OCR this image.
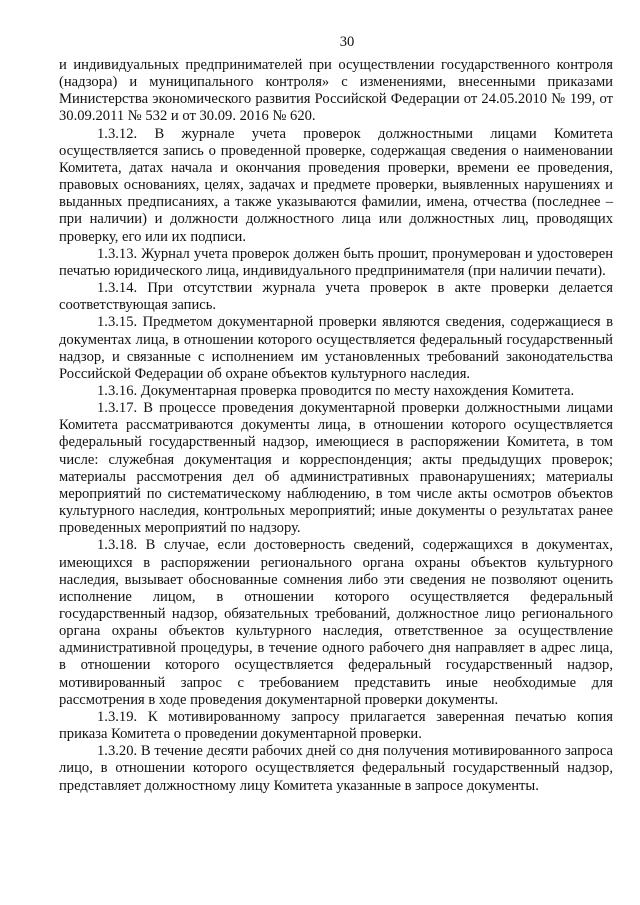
30

и индивидуальных предпринимателей при осуществлении государственного контроля (надзора) и муниципального контроля» с изменениями, внесенными приказами Министерства экономического развития Российской Федерации от 24.05.2010 № 199, от 30.09.2011 № 532 и от 30.09. 2016 № 620.

1.3.12. В журнале учета проверок должностными лицами Комитета осуществляется запись о проведенной проверке, содержащая сведения о наименовании Комитета, датах начала и окончания проведения проверки, времени ее проведения, правовых основаниях, целях, задачах и предмете проверки, выявленных нарушениях и выданных предписаниях, а также указываются фамилии, имена, отчества (последнее – при наличии) и должности должностного лица или должностных лиц, проводящих проверку, его или их подписи.

1.3.13. Журнал учета проверок должен быть прошит, пронумерован и удостоверен печатью юридического лица, индивидуального предпринимателя (при наличии печати).

1.3.14. При отсутствии журнала учета проверок в акте проверки делается соответствующая запись.

1.3.15. Предметом документарной проверки являются сведения, содержащиеся в документах лица, в отношении которого осуществляется федеральный государственный надзор, и связанные с исполнением им установленных требований законодательства Российской Федерации об охране объектов культурного наследия.

1.3.16. Документарная проверка проводится по месту нахождения Комитета.

1.3.17. В процессе проведения документарной проверки должностными лицами Комитета рассматриваются документы лица, в отношении которого осуществляется федеральный государственный надзор, имеющиеся в распоряжении Комитета, в том числе: служебная документация и корреспонденция; акты предыдущих проверок; материалы рассмотрения дел об административных правонарушениях; материалы мероприятий по систематическому наблюдению, в том числе акты осмотров объектов культурного наследия, контрольных мероприятий; иные документы о результатах ранее проведенных мероприятий по надзору.

1.3.18. В случае, если достоверность сведений, содержащихся в документах, имеющихся в распоряжении регионального органа охраны объектов культурного наследия, вызывает обоснованные сомнения либо эти сведения не позволяют оценить исполнение лицом, в отношении которого осуществляется федеральный государственный надзор, обязательных требований, должностное лицо регионального органа охраны объектов культурного наследия, ответственное за осуществление административной процедуры, в течение одного рабочего дня направляет в адрес лица, в отношении которого осуществляется федеральный государственный надзор, мотивированный запрос с требованием представить иные необходимые для рассмотрения в ходе проведения документарной проверки документы.

1.3.19. К мотивированному запросу прилагается заверенная печатью копия приказа Комитета о проведении документарной проверки.

1.3.20. В течение десяти рабочих дней со дня получения мотивированного запроса лицо, в отношении которого осуществляется федеральный государственный надзор, представляет должностному лицу Комитета указанные в запросе документы.
